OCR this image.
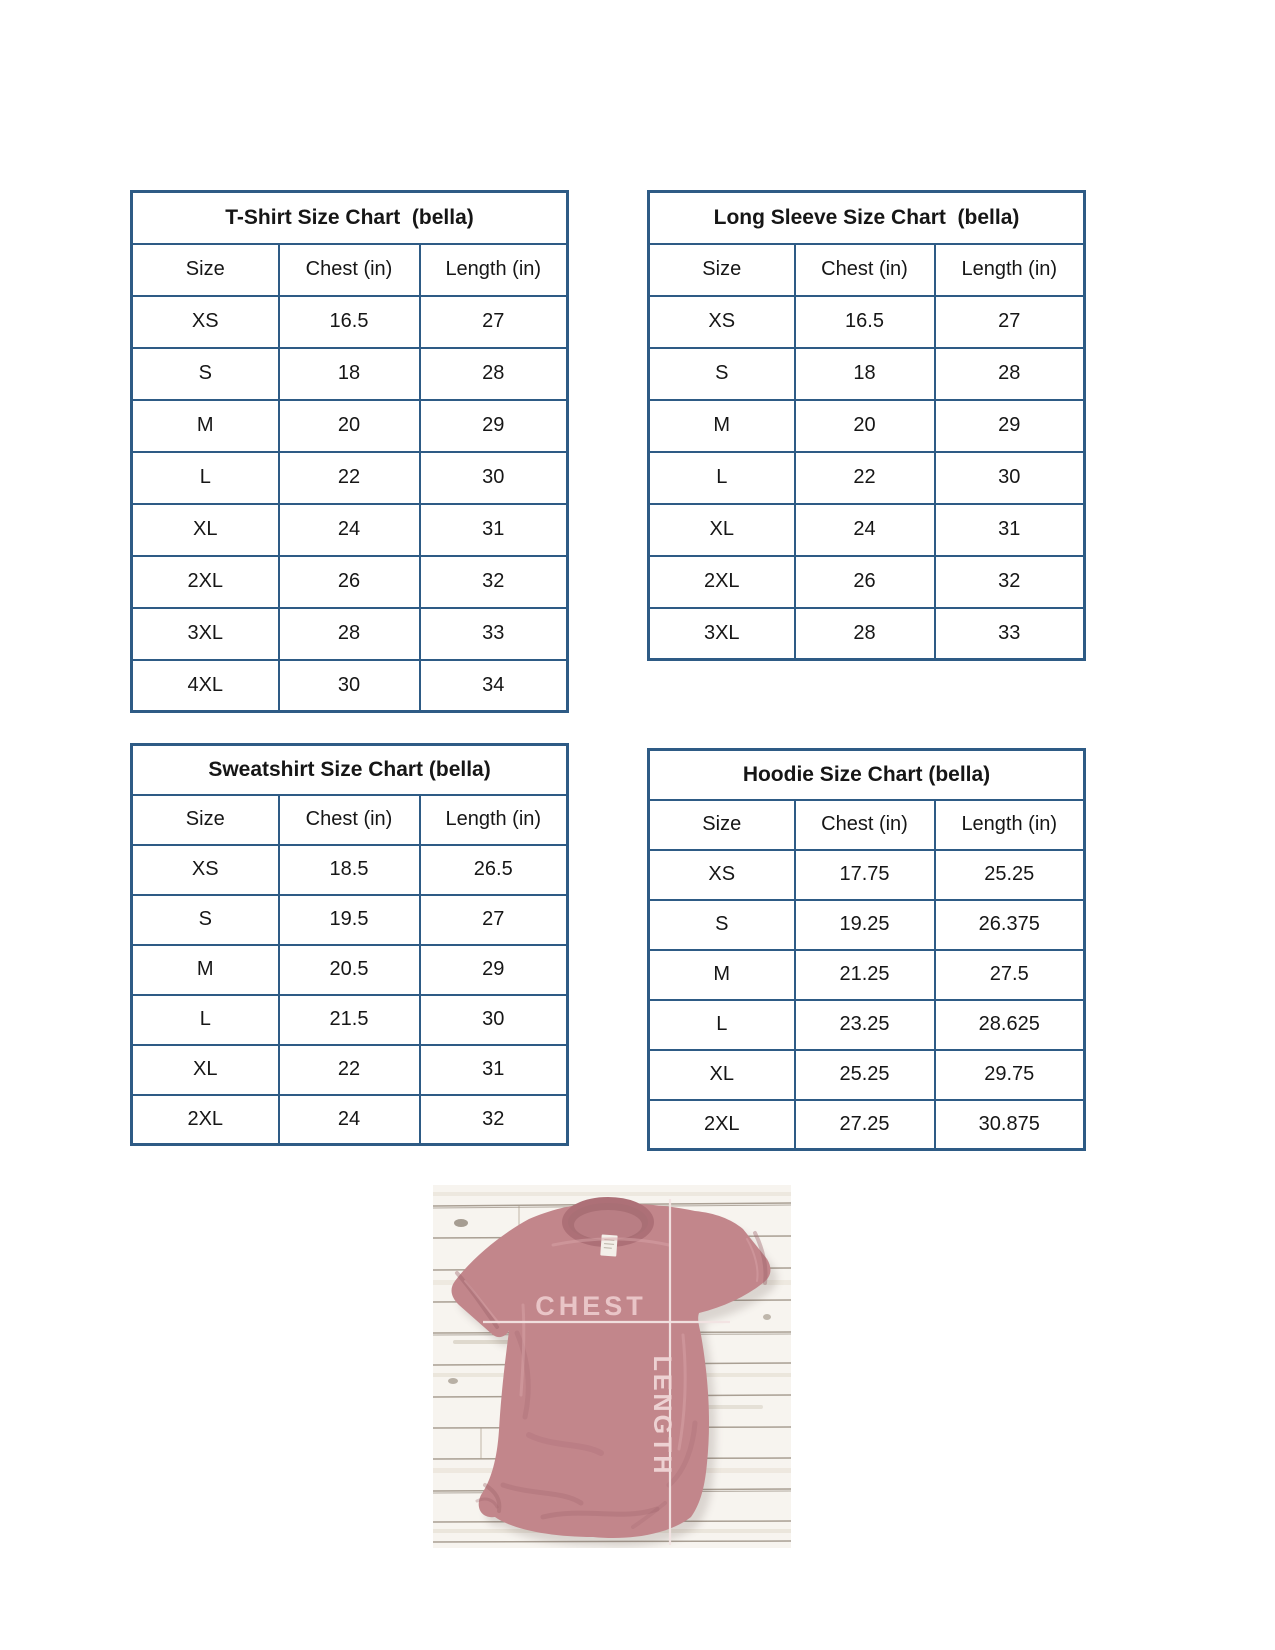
T-Shirt Size Chart  (bella)		
Size	Chest (in)	Length (in)
XS	16.5	27
S	18	28
M	20	29
L	22	30
XL	24	31
2XL	26	32
3XL	28	33
4XL	30	34
Long Sleeve Size Chart  (bella)		
Size	Chest (in)	Length (in)
XS	16.5	27
S	18	28
M	20	29
L	22	30
XL	24	31
2XL	26	32
3XL	28	33
Sweatshirt Size Chart (bella)		
Size	Chest (in)	Length (in)
XS	18.5	26.5
S	19.5	27
M	20.5	29
L	21.5	30
XL	22	31
2XL	24	32
Hoodie Size Chart (bella)		
Size	Chest (in)	Length (in)
XS	17.75	25.25
S	19.25	26.375
M	21.25	27.5
L	23.25	28.625
XL	25.25	29.75
2XL	27.25	30.875
CHEST
LENGTH
